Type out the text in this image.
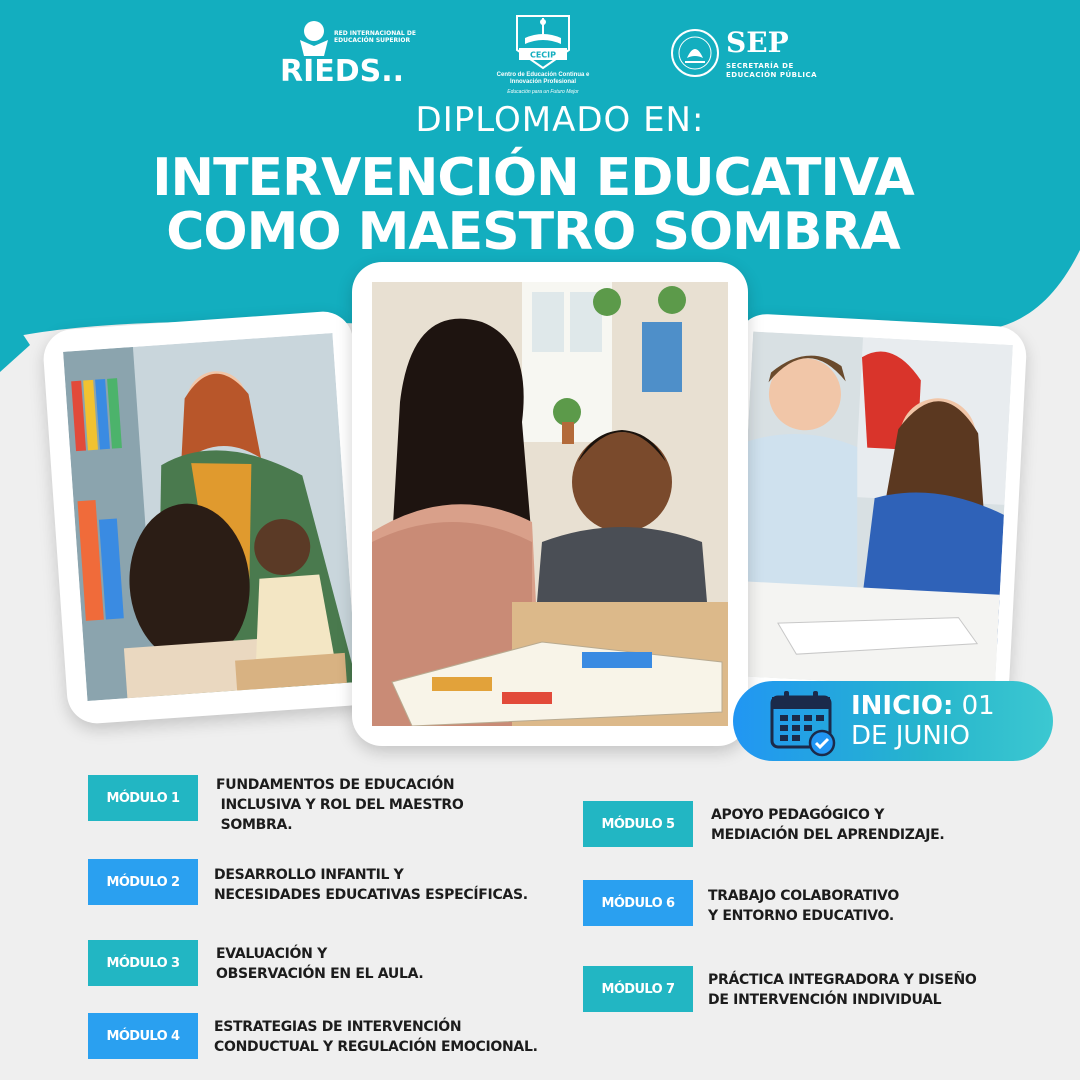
RIEDS..
RED INTERNACIONAL DE EDUCACIÓN SUPERIOR
CECIP
Centro de Educación Continua e Innovación Profesional
Educación para un Futuro Mejor
SEP
SECRETARÍA DE EDUCACIÓN PÚBLICA
DIPLOMADO EN:
INTERVENCIÓN EDUCATIVA
COMO MAESTRO SOMBRA
INICIO: 01
DE JUNIO
MÓDULO 1
FUNDAMENTOS DE EDUCACIÓN
INCLUSIVA Y ROL DEL MAESTRO
SOMBRA.
MÓDULO 2	DESARROLLO INFANTIL Y
NECESIDADES EDUCATIVAS ESPECÍFICAS.
MÓDULO 3
EVALUACIÓN Y
OBSERVACIÓN EN EL AULA.
MÓDULO 4
ESTRATEGIAS DE INTERVENCIÓN
CONDUCTUAL Y REGULACIÓN EMOCIONAL.
MÓDULO 5
APOYO PEDAGÓGICO Y
MEDIACIÓN DEL APRENDIZAJE.
MÓDULO 6	TRABAJO COLABORATIVO
Y ENTORNO EDUCATIVO.
MÓDULO 7
PRÁCTICA INTEGRADORA Y DISEÑO
DE INTERVENCIÓN INDIVIDUAL
